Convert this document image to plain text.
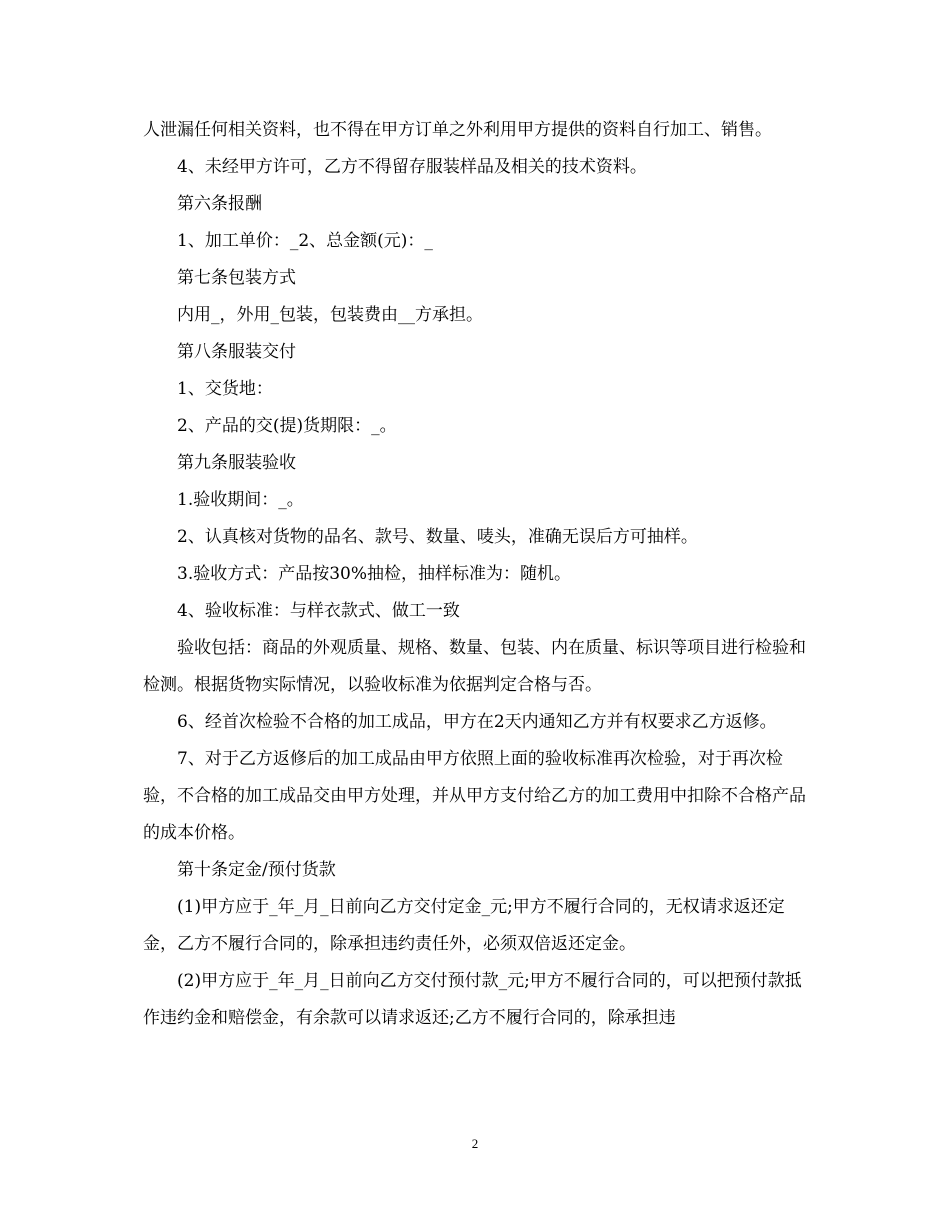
人泄漏任何相关资料，也不得在甲方订单之外利用甲方提供的资料自行加工、销售。

4、未经甲方许可，乙方不得留存服装样品及相关的技术资料。

第六条报酬

1、加工单价：_2、总金额(元)：_

第七条包装方式

内用_，外用_包装，包装费由__方承担。

第八条服装交付

1、交货地：

2、产品的交(提)货期限：_。

第九条服装验收

1.验收期间：_。

2、认真核对货物的品名、款号、数量、唛头，准确无误后方可抽样。

3.验收方式：产品按30%抽检，抽样标准为：随机。

4、验收标准：与样衣款式、做工一致

验收包括：商品的外观质量、规格、数量、包装、内在质量、标识等项目进行检验和检测。根据货物实际情况，以验收标准为依据判定合格与否。

6、经首次检验不合格的加工成品，甲方在2天内通知乙方并有权要求乙方返修。

7、对于乙方返修后的加工成品由甲方依照上面的验收标准再次检验，对于再次检验，不合格的加工成品交由甲方处理，并从甲方支付给乙方的加工费用中扣除不合格产品的成本价格。

第十条定金/预付货款

(1)甲方应于_年_月_日前向乙方交付定金_元;甲方不履行合同的，无权请求返还定金，乙方不履行合同的，除承担违约责任外，必须双倍返还定金。

(2)甲方应于_年_月_日前向乙方交付预付款_元;甲方不履行合同的，可以把预付款抵作违约金和赔偿金，有余款可以请求返还;乙方不履行合同的，除承担违

2
